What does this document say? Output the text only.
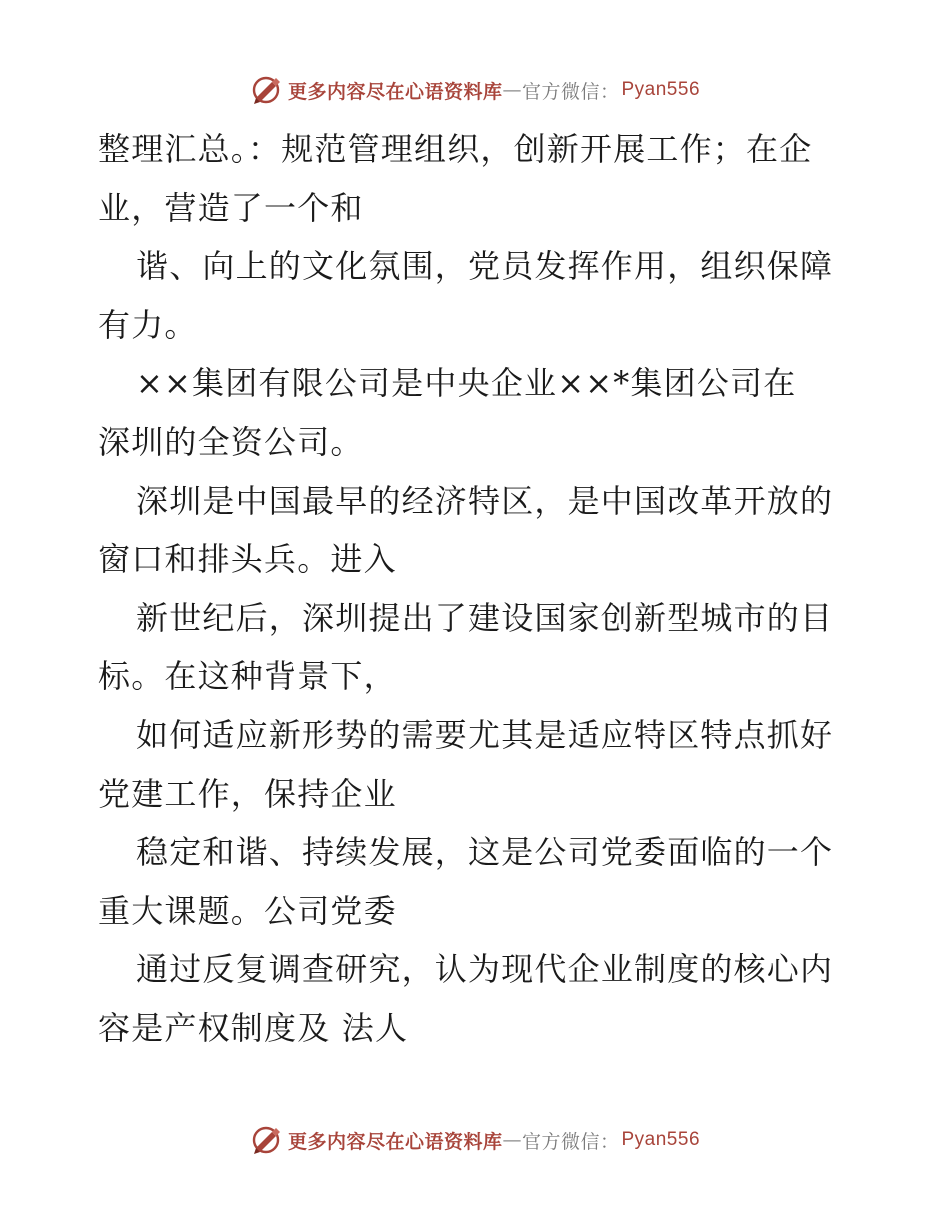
更多内容尽在心语资料库 — 官方微信： Pyan556
整理汇总。：规范管理组织，创新开展工作；在企
业，营造了一个和
谐、向上的文化氛围，党员发挥作用，组织保障
有力。
××集团有限公司是中央企业××*集团公司在
深圳的全资公司。
深圳是中国最早的经济特区，是中国改革开放的
窗口和排头兵。进入
新世纪后，深圳提出了建设国家创新型城市的目
标。在这种背景下，
如何适应新形势的需要尤其是适应特区特点抓好
党建工作，保持企业
稳定和谐、持续发展，这是公司党委面临的一个
重大课题。公司党委
通过反复调查研究，认为现代企业制度的核心内
容是产权制度及 法人
更多内容尽在心语资料库 — 官方微信： Pyan556
